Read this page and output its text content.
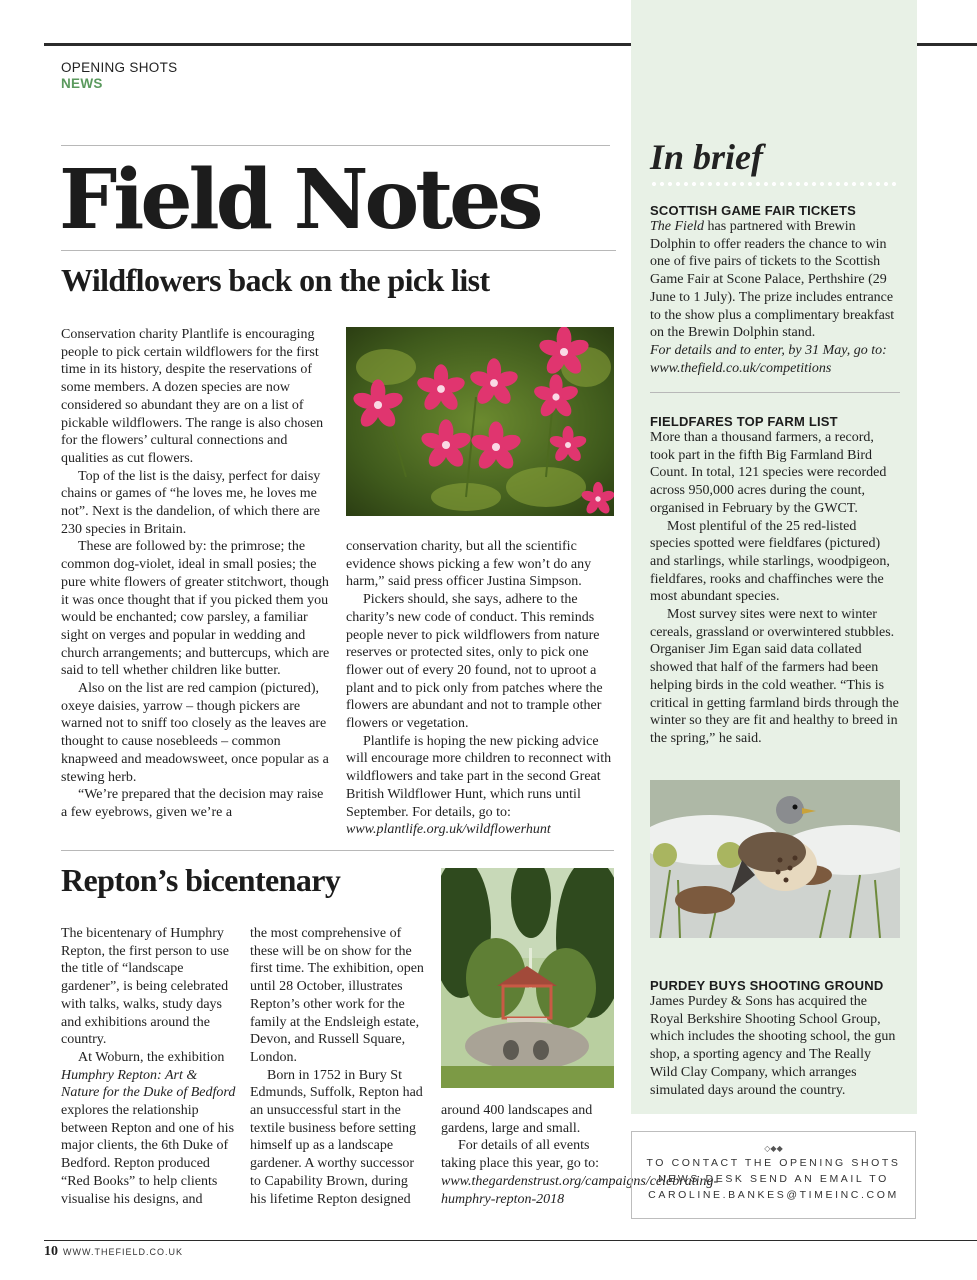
OPENING SHOTS
NEWS
Field Notes
Wildflowers back on the pick list

Conservation charity Plantlife is encouraging people to pick certain wildflowers for the first time in its history, despite the reservations of some members. A dozen species are now considered so abundant they are on a list of pickable wildflowers. The range is also chosen for the flowers’ cultural connections and qualities as cut flowers.

Top of the list is the daisy, perfect for daisy chains or games of “he loves me, he loves me not”. Next is the dandelion, of which there are 230 species in Britain.

These are followed by: the primrose; the common dog-violet, ideal in small posies; the pure white flowers of greater stitchwort, though it was once thought that if you picked them you would be enchanted; cow parsley, a familiar sight on verges and popular in wedding and church arrangements; and buttercups, which are said to tell whether children like butter.

Also on the list are red campion (pictured), oxeye daisies, yarrow – though pickers are warned not to sniff too closely as the leaves are thought to cause nosebleeds – common knapweed and meadowsweet, once popular as a stewing herb.

“We’re prepared that the decision may raise a few eyebrows, given we’re a

conservation charity, but all the scientific evidence shows picking a few won’t do any harm,” said press officer Justina Simpson.

Pickers should, she says, adhere to the charity’s new code of conduct. This reminds people never to pick wildflowers from nature reserves or protected sites, only to pick one flower out of every 20 found, not to uproot a plant and to pick only from patches where the flowers are abundant and not to trample other flowers or vegetation.

Plantlife is hoping the new picking advice will encourage more children to reconnect with wildflowers and take part in the second Great British Wildflower Hunt, which runs until September. For details, go to:

www.plantlife.org.uk/wildflowerhunt

Repton’s bicentenary

The bicentenary of Humphry Repton, the first person to use the title of “landscape gardener”, is being celebrated with talks, walks, study days and exhibitions around the country.

At Woburn, the exhibition Humphry Repton: Art & Nature for the Duke of Bedford explores the relationship between Repton and one of his major clients, the 6th Duke of Bedford. Repton produced “Red Books” to help clients visualise his designs, and

the most comprehensive of these will be on show for the first time. The exhibition, open until 28 October, illustrates Repton’s other work for the family at the Endsleigh estate, Devon, and Russell Square, London.

Born in 1752 in Bury St Edmunds, Suffolk, Repton had an unsuccessful start in the textile business before setting himself up as a landscape gardener. A worthy successor to Capability Brown, during his lifetime Repton designed

around 400 landscapes and gardens, large and small.

For details of all events taking place this year, go to:

www.thegardenstrust.org/campaigns/celebrating-humphry-repton-2018

In brief
SCOTTISH GAME FAIR TICKETS
The Field has partnered with Brewin Dolphin to offer readers the chance to win one of five pairs of tickets to the Scottish Game Fair at Scone Palace, Perthshire (29 June to 1 July). The prize includes entrance to the show plus a complimentary breakfast on the Brewin Dolphin stand.
For details and to enter, by 31 May, go to: www.thefield.co.uk/competitions
FIELDFARES TOP FARM LIST

More than a thousand farmers, a record, took part in the fifth Big Farmland Bird Count. In total, 121 species were recorded across 950,000 acres during the count, organised in February by the GWCT.

Most plentiful of the 25 red-listed species spotted were fieldfares (pictured) and starlings, while starlings, woodpigeon, fieldfares, rooks and chaffinches were the most abundant species.

Most survey sites were next to winter cereals, grassland or overwintered stubbles. Organiser Jim Egan said data collated showed that half of the farmers had been helping birds in the cold weather. “This is critical in getting farmland birds through the winter so they are fit and healthy to breed in the spring,” he said.

PURDEY BUYS SHOOTING GROUND

James Purdey & Sons has acquired the Royal Berkshire Shooting School Group, which includes the shooting school, the gun shop, a sporting agency and The Really Wild Clay Company, which arranges simulated days around the country.

◇◆◆
TO CONTACT THE OPENING SHOTS
NEWS DESK SEND AN EMAIL TO
CAROLINE.BANKES@TIMEINC.COM
10 WWW.THEFIELD.CO.UK
